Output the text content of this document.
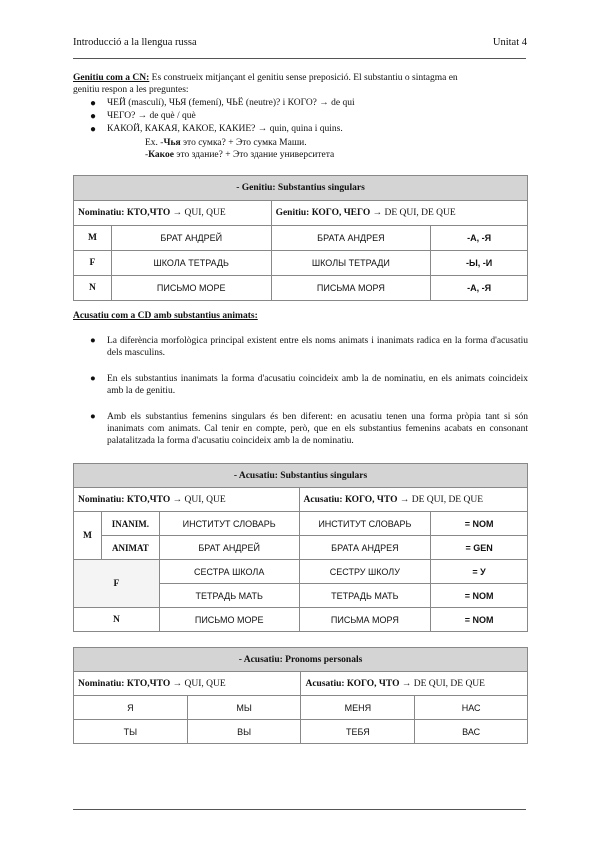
Introducció a la llengua russa	Unitat 4
Genitiu com a CN: Es construeix mitjançant el genitiu sense preposició. El substantiu o sintagma en
genitiu respon a les preguntes:
● ЧЕЙ (masculí), ЧЬЯ (femení), ЧЬЁ (neutre)? i КОГО? → de qui
● ЧЕГО? → de què / què
● КАКОЙ, КАКАЯ, КАКОЕ, КАКИЕ? → quin, quina i quins.
Ex. -Чья это сумка? + Это сумка Маши.
-Какое это здание? + Это здание университета
- Genitiu: Substantius singulars			
Nominatiu: КТО,ЧТО → QUI, QUE		Genitiu: КОГО, ЧЕГО → DE QUI, DE QUE	
M	БРАТ АНДРЕЙ	БРАТА АНДРЕЯ	-А, -Я
F	ШКОЛА ТЕТРАДЬ	ШКОЛЫ ТЕТРАДИ	-Ы, -И
N	ПИСЬМО МОРЕ	ПИСЬМА МОРЯ	-А, -Я
Acusatiu com a CD amb substantius animats:
● La diferència morfològica principal existent entre els noms animats i inanimats radica en la forma d'acusatiu dels masculins.
● En els substantius inanimats la forma d'acusatiu coincideix amb la de nominatiu, en els animats coincideix amb la de genitiu.
● Amb els substantius femenins singulars és ben diferent: en acusatiu tenen una forma pròpia tant si són inanimats com animats. Cal tenir en compte, però, que en els substantius femenins acabats en consonant palatalitzada la forma d'acusatiu coincideix amb la de nominatiu.
- Acusatiu: Substantius singulars				
Nominatiu: КТО,ЧТО → QUI, QUE			Acusatiu: КОГО, ЧТО → DE QUI, DE QUE	
M	INANIM.	ИНСТИТУТ СЛОВАРЬ	ИНСТИТУТ СЛОВАРЬ	= NOM
	ANIMAT	БРАТ АНДРЕЙ	БРАТА АНДРЕЯ	= GEN
F		СЕСТРА ШКОЛА	СЕСТРУ ШКОЛУ	= У
		ТЕТРАДЬ МАТЬ	ТЕТРАДЬ МАТЬ	= NOM
N		ПИСЬМО МОРЕ	ПИСЬМА МОРЯ	= NOM
- Acusatiu: Pronoms personals			
Nominatiu: КТО,ЧТО → QUI, QUE		Acusatiu: КОГО, ЧТО → DE QUI, DE QUE	
Я	МЫ	МЕНЯ	НАС
ТЫ	ВЫ	ТЕБЯ	ВАС
